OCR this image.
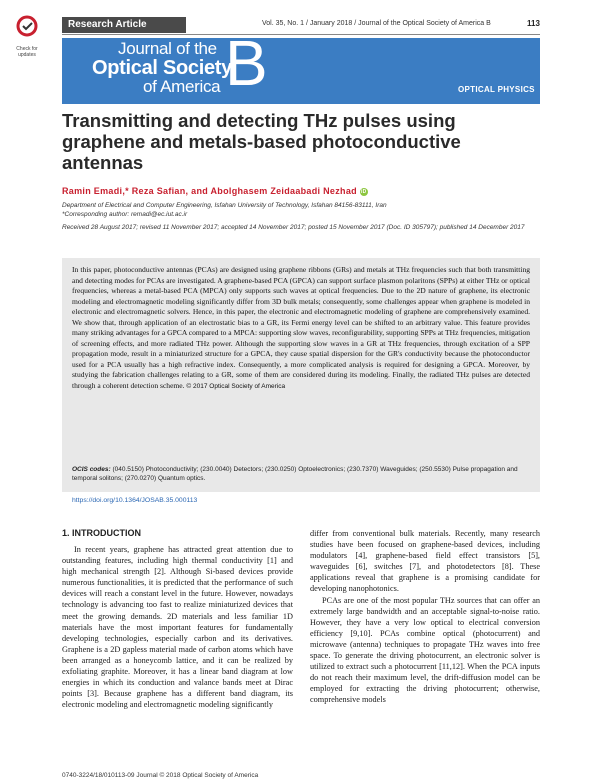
Check for updates
Research Article	Vol. 35, No. 1 / January 2018 / Journal of the Optical Society of America B	113
Journal of the
Optical Society
of America B	OPTICAL PHYSICS
Transmitting and detecting THz pulses using graphene and metals-based photoconductive antennas
Ramin Emadi,* Reza Safian, and Abolghasem Zeidaabadi Nezhad iD
Department of Electrical and Computer Engineering, Isfahan University of Technology, Isfahan 84156-83111, Iran
*Corresponding author: remadi@ec.iut.ac.ir
Received 28 August 2017; revised 11 November 2017; accepted 14 November 2017; posted 15 November 2017 (Doc. ID 305797); published 14 December 2017
In this paper, photoconductive antennas (PCAs) are designed using graphene ribbons (GRs) and metals at THz frequencies such that both transmitting and detecting modes for PCAs are investigated. A graphene-based PCA (GPCA) can support surface plasmon polaritons (SPPs) at either THz or optical frequencies, whereas a metal-based PCA (MPCA) only supports such waves at optical frequencies. Due to the 2D nature of graphene, its electronic modeling and electromagnetic modeling significantly differ from 3D bulk metals; consequently, some challenges appear when graphene is modeled in electronic and electromagnetic solvers. Hence, in this paper, the electronic and electromagnetic modeling of graphene are comprehensively examined. We show that, through application of an electrostatic bias to a GR, its Fermi energy level can be shifted to an arbitrary value. This feature provides many striking advantages for a GPCA compared to a MPCA: supporting slow waves, reconfigurability, supporting SPPs at THz frequencies, mitigation of screening effects, and more radiated THz power. Although the supporting slow waves in a GR at THz frequencies, through excitation of a SPP propagation mode, result in a miniaturized structure for a GPCA, they cause spatial dispersion for the GR's conductivity because the photoconductor used for a PCA usually has a high refractive index. Consequently, a more complicated analysis is required for designing a GPCA. Moreover, by studying the fabrication challenges relating to a GR, some of them are considered during its modeling. Finally, the radiated THz pulses are detected through a coherent detection scheme. © 2017 Optical Society of America
OCIS codes: (040.5150) Photoconductivity; (230.0040) Detectors; (230.0250) Optoelectronics; (230.7370) Waveguides; (250.5530) Pulse propagation and temporal solitons; (270.0270) Quantum optics.
https://doi.org/10.1364/JOSAB.35.000113
1. INTRODUCTION

In recent years, graphene has attracted great attention due to outstanding features, including high thermal conductivity [1] and high mechanical strength [2]. Although Si-based devices provide numerous functionalities, it is predicted that the performance of such devices will reach a constant level in the future. However, nowadays technology is advancing too fast to realize miniaturized devices that meet the growing demands. 2D materials and less familiar 1D materials have the most important features for fundamentally developing technologies, especially carbon and its derivatives. Graphene is a 2D gapless material made of carbon atoms which have been arranged as a honeycomb lattice, and it can be realized by exfoliating graphite. Moreover, it has a linear band diagram at low energies in which its conduction and valance bands meet at Dirac points [3]. Because graphene has a different band diagram, its electronic modeling and electromagnetic modeling significantly

differ from conventional bulk materials. Recently, many research studies have been focused on graphene-based devices, including modulators [4], graphene-based field effect transistors [5], waveguides [6], switches [7], and photodetectors [8]. These applications reveal that graphene is a promising candidate for developing nanophotonics.

PCAs are one of the most popular THz sources that can offer an extremely large bandwidth and an acceptable signal-to-noise ratio. However, they have a very low optical to electrical conversion efficiency [9,10]. PCAs combine optical (photocurrent) and microwave (antenna) techniques to propagate THz waves into free space. To generate the driving photocurrent, an electronic solver is utilized to extract such a photocurrent [11,12]. When the PCA inputs do not reach their maximum level, the drift-diffusion model can be employed for extracting the driving photocurrent; otherwise, comprehensive models

0740-3224/18/010113-09 Journal © 2018 Optical Society of America
